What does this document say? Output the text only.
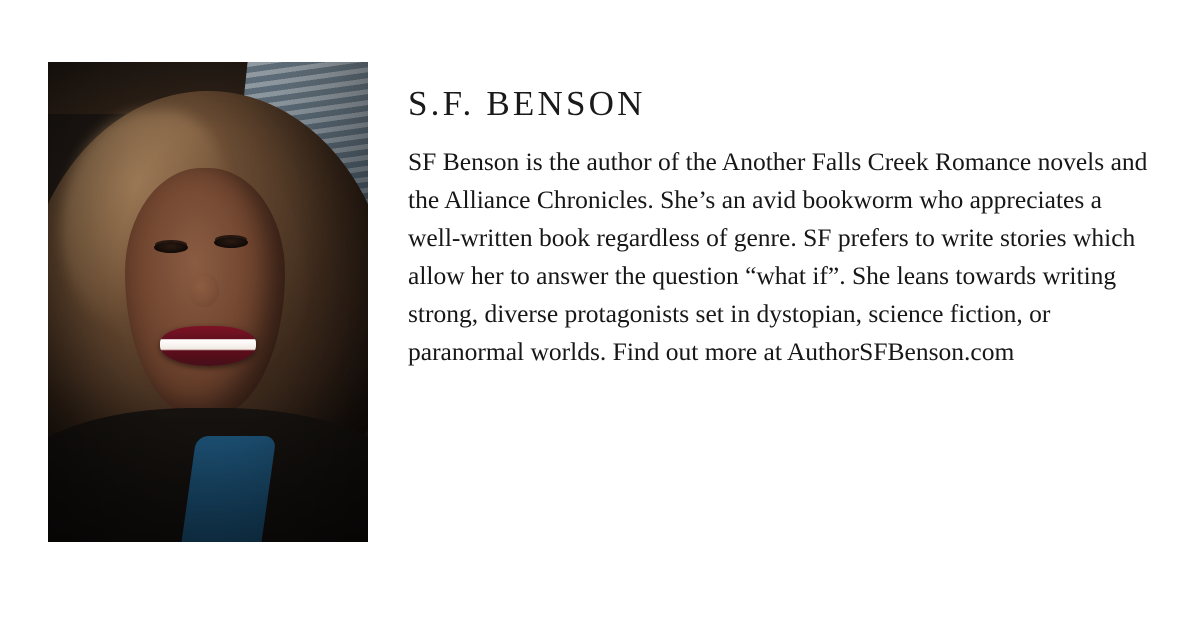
S.F. BENSON

SF Benson is the author of the Another Falls Creek Romance novels and the Alliance Chronicles. She’s an avid bookworm who appreciates a well-written book regardless of genre. SF prefers to write stories which allow her to answer the question “what if”. She leans towards writing strong, diverse protagonists set in dystopian, science fiction, or paranormal worlds. Find out more at AuthorSFBenson.com
